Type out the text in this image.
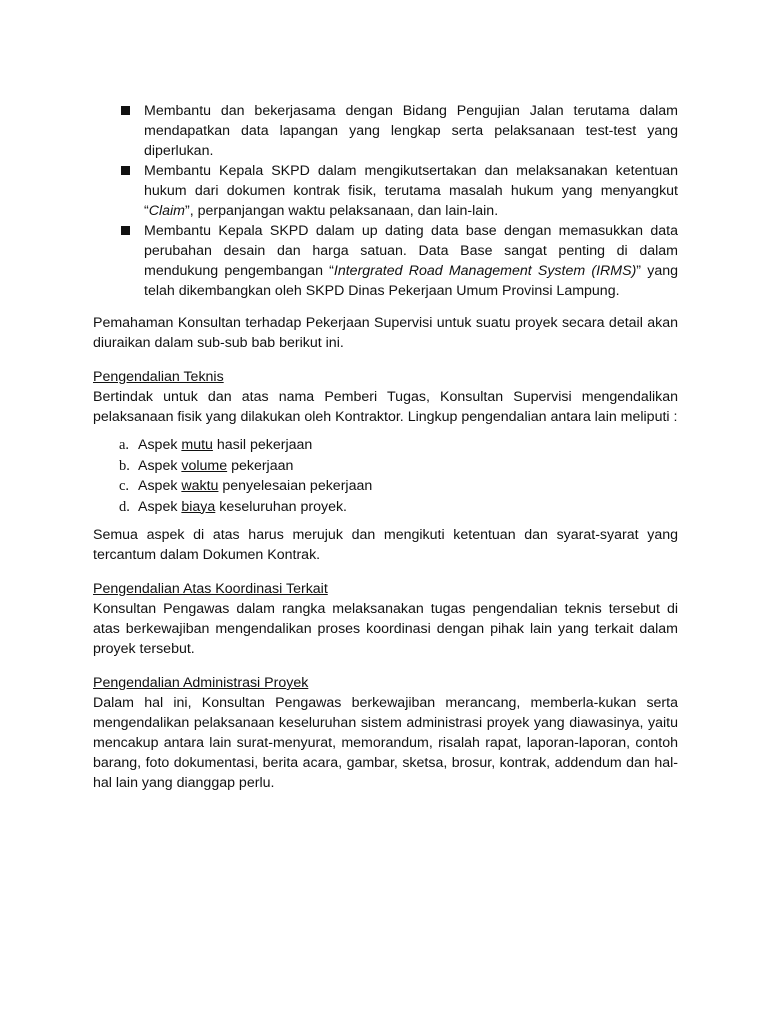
Membantu dan bekerjasama dengan Bidang Pengujian Jalan terutama dalam mendapatkan data lapangan yang lengkap serta pelaksanaan test-test yang diperlukan.
Membantu Kepala SKPD dalam mengikutsertakan dan melaksanakan ketentuan hukum dari dokumen kontrak fisik, terutama masalah hukum yang menyangkut “Claim”, perpanjangan waktu pelaksanaan, dan lain-lain.
Membantu Kepala SKPD dalam up dating data base dengan memasukkan data perubahan desain dan harga satuan. Data Base sangat penting di dalam mendukung pengembangan “Intergrated Road Management System (IRMS)” yang telah dikembangkan oleh SKPD Dinas Pekerjaan Umum Provinsi Lampung.

Pemahaman Konsultan terhadap Pekerjaan Supervisi untuk suatu proyek secara detail akan diuraikan dalam sub-sub bab berikut ini.

Pengendalian Teknis

Bertindak untuk dan atas nama Pemberi Tugas, Konsultan Supervisi mengendalikan pelaksanaan fisik yang dilakukan oleh Kontraktor. Lingkup pengendalian antara lain meliputi :

a. Aspek mutu hasil pekerjaan
b. Aspek volume pekerjaan
c. Aspek waktu penyelesaian pekerjaan
d. Aspek biaya keseluruhan proyek.

Semua aspek di atas harus merujuk dan mengikuti ketentuan dan syarat-syarat yang tercantum dalam Dokumen Kontrak.

Pengendalian Atas Koordinasi Terkait

Konsultan Pengawas dalam rangka melaksanakan tugas pengendalian teknis tersebut di atas berkewajiban mengendalikan proses koordinasi dengan pihak lain yang terkait dalam proyek tersebut.

Pengendalian Administrasi Proyek

Dalam hal ini, Konsultan Pengawas berkewajiban merancang, memberla-kukan serta mengendalikan pelaksanaan keseluruhan sistem administrasi proyek yang diawasinya, yaitu mencakup antara lain surat-menyurat, memorandum, risalah rapat, laporan-laporan, contoh barang, foto dokumentasi, berita acara, gambar, sketsa, brosur, kontrak, addendum dan hal-hal lain yang dianggap perlu.
